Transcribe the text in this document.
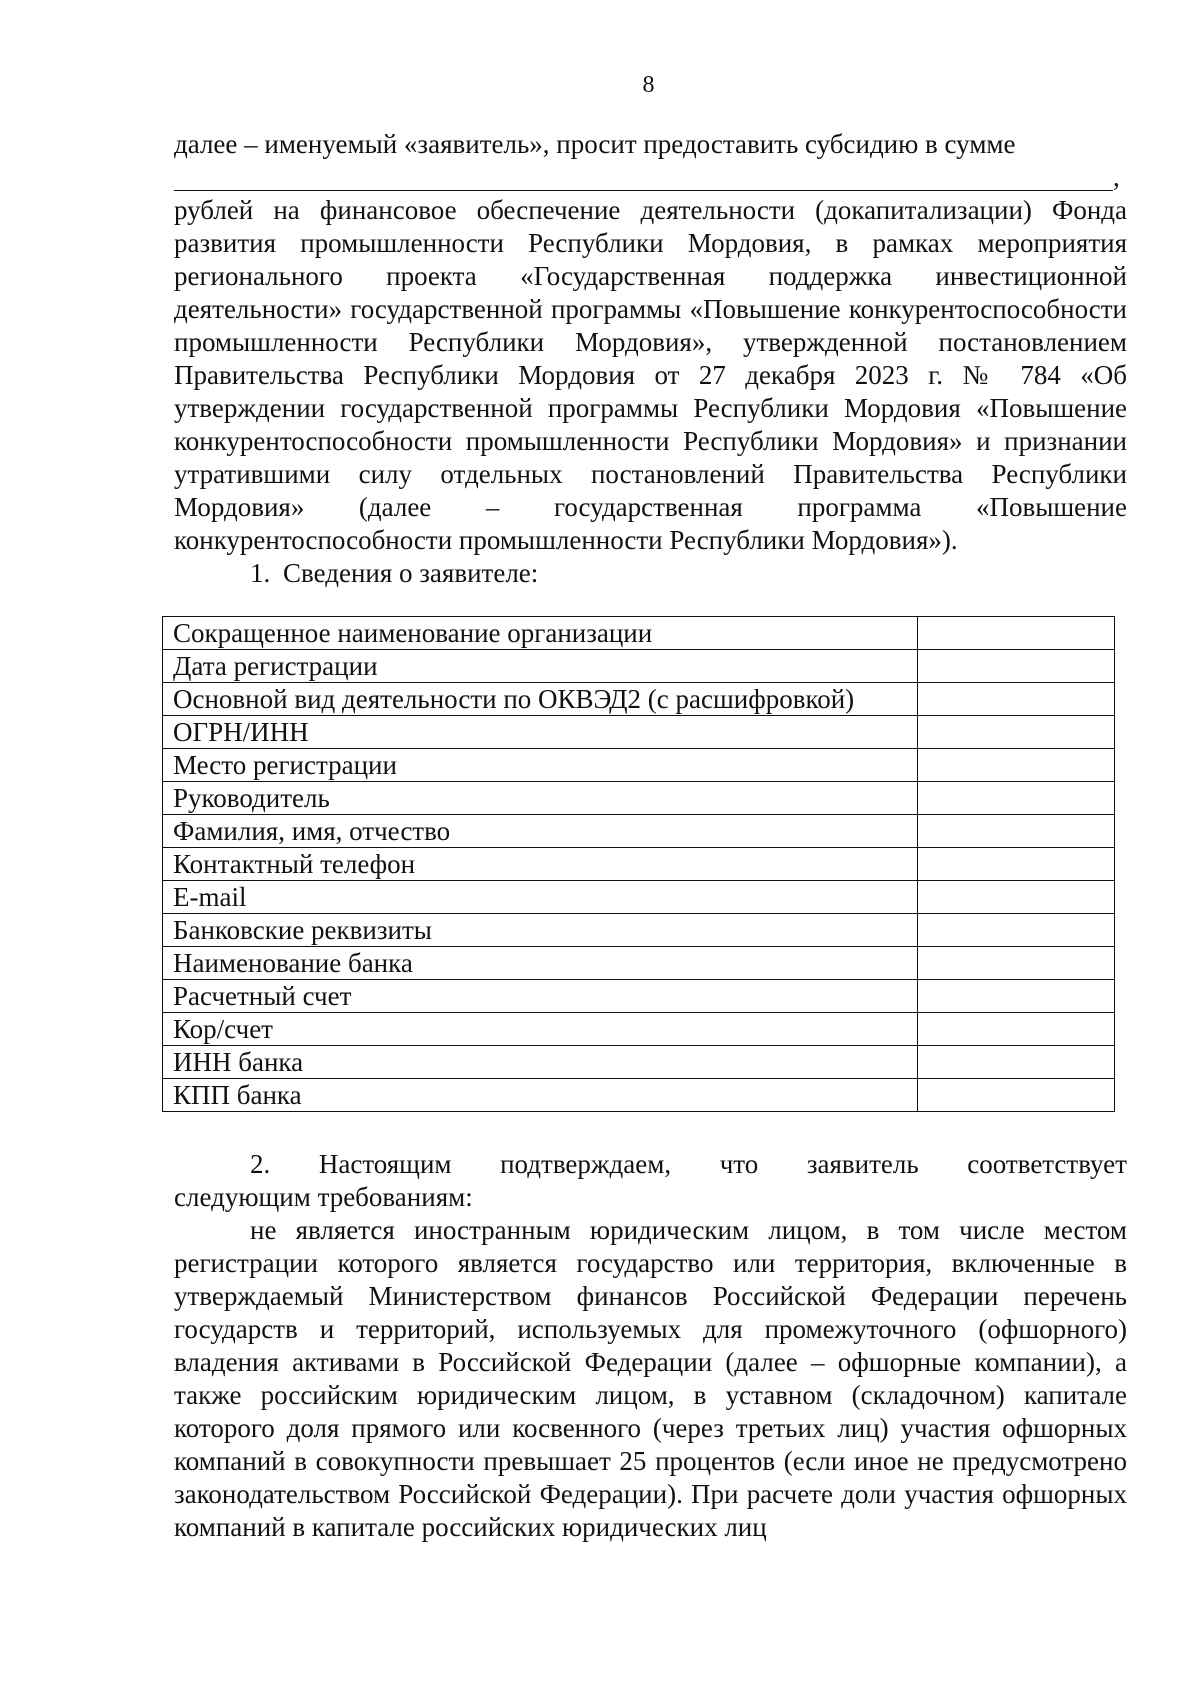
8
далее – именуемый «заявитель», просит предоставить субсидию в сумме
,
рублей на финансовое обеспечение деятельности (докапитализации) Фонда развития промышленности Республики Мордовия, в рамках мероприятия регионального проекта «Государственная поддержка инвестиционной деятельности» государственной программы «Повышение конкурентоспособности промышленности Республики Мордовия», утвержденной постановлением Правительства Республики Мордовия от 27 декабря 2023 г. № 784 «Об утверждении государственной программы Республики Мордовия «Повышение конкурентоспособности промышленности Республики Мордовия» и признании утратившими силу отдельных постановлений Правительства Республики Мордовия» (далее – государственная программа «Повышение конкурентоспособности промышленности Республики Мордовия»).
1. Сведения о заявителе:
Сокращенное наименование организации	
Дата регистрации	
Основной вид деятельности по ОКВЭД2 (с расшифровкой)	
ОГРН/ИНН	
Место регистрации	
Руководитель	
Фамилия, имя, отчество	
Контактный телефон	
E-mail	
Банковские реквизиты	
Наименование банка	
Расчетный счет	
Кор/счет	
ИНН банка	
КПП банка	
2. Настоящим подтверждаем, что заявитель соответствует
следующим требованиям:
не является иностранным юридическим лицом, в том числе местом регистрации которого является государство или территория, включенные в утверждаемый Министерством финансов Российской Федерации перечень государств и территорий, используемых для промежуточного (офшорного) владения активами в Российской Федерации (далее – офшорные компании), а также российским юридическим лицом, в уставном (складочном) капитале которого доля прямого или косвенного (через третьих лиц) участия офшорных компаний в совокупности превышает 25 процентов (если иное не предусмотрено законодательством Российской Федерации). При расчете доли участия офшорных компаний в капитале российских юридических лиц
